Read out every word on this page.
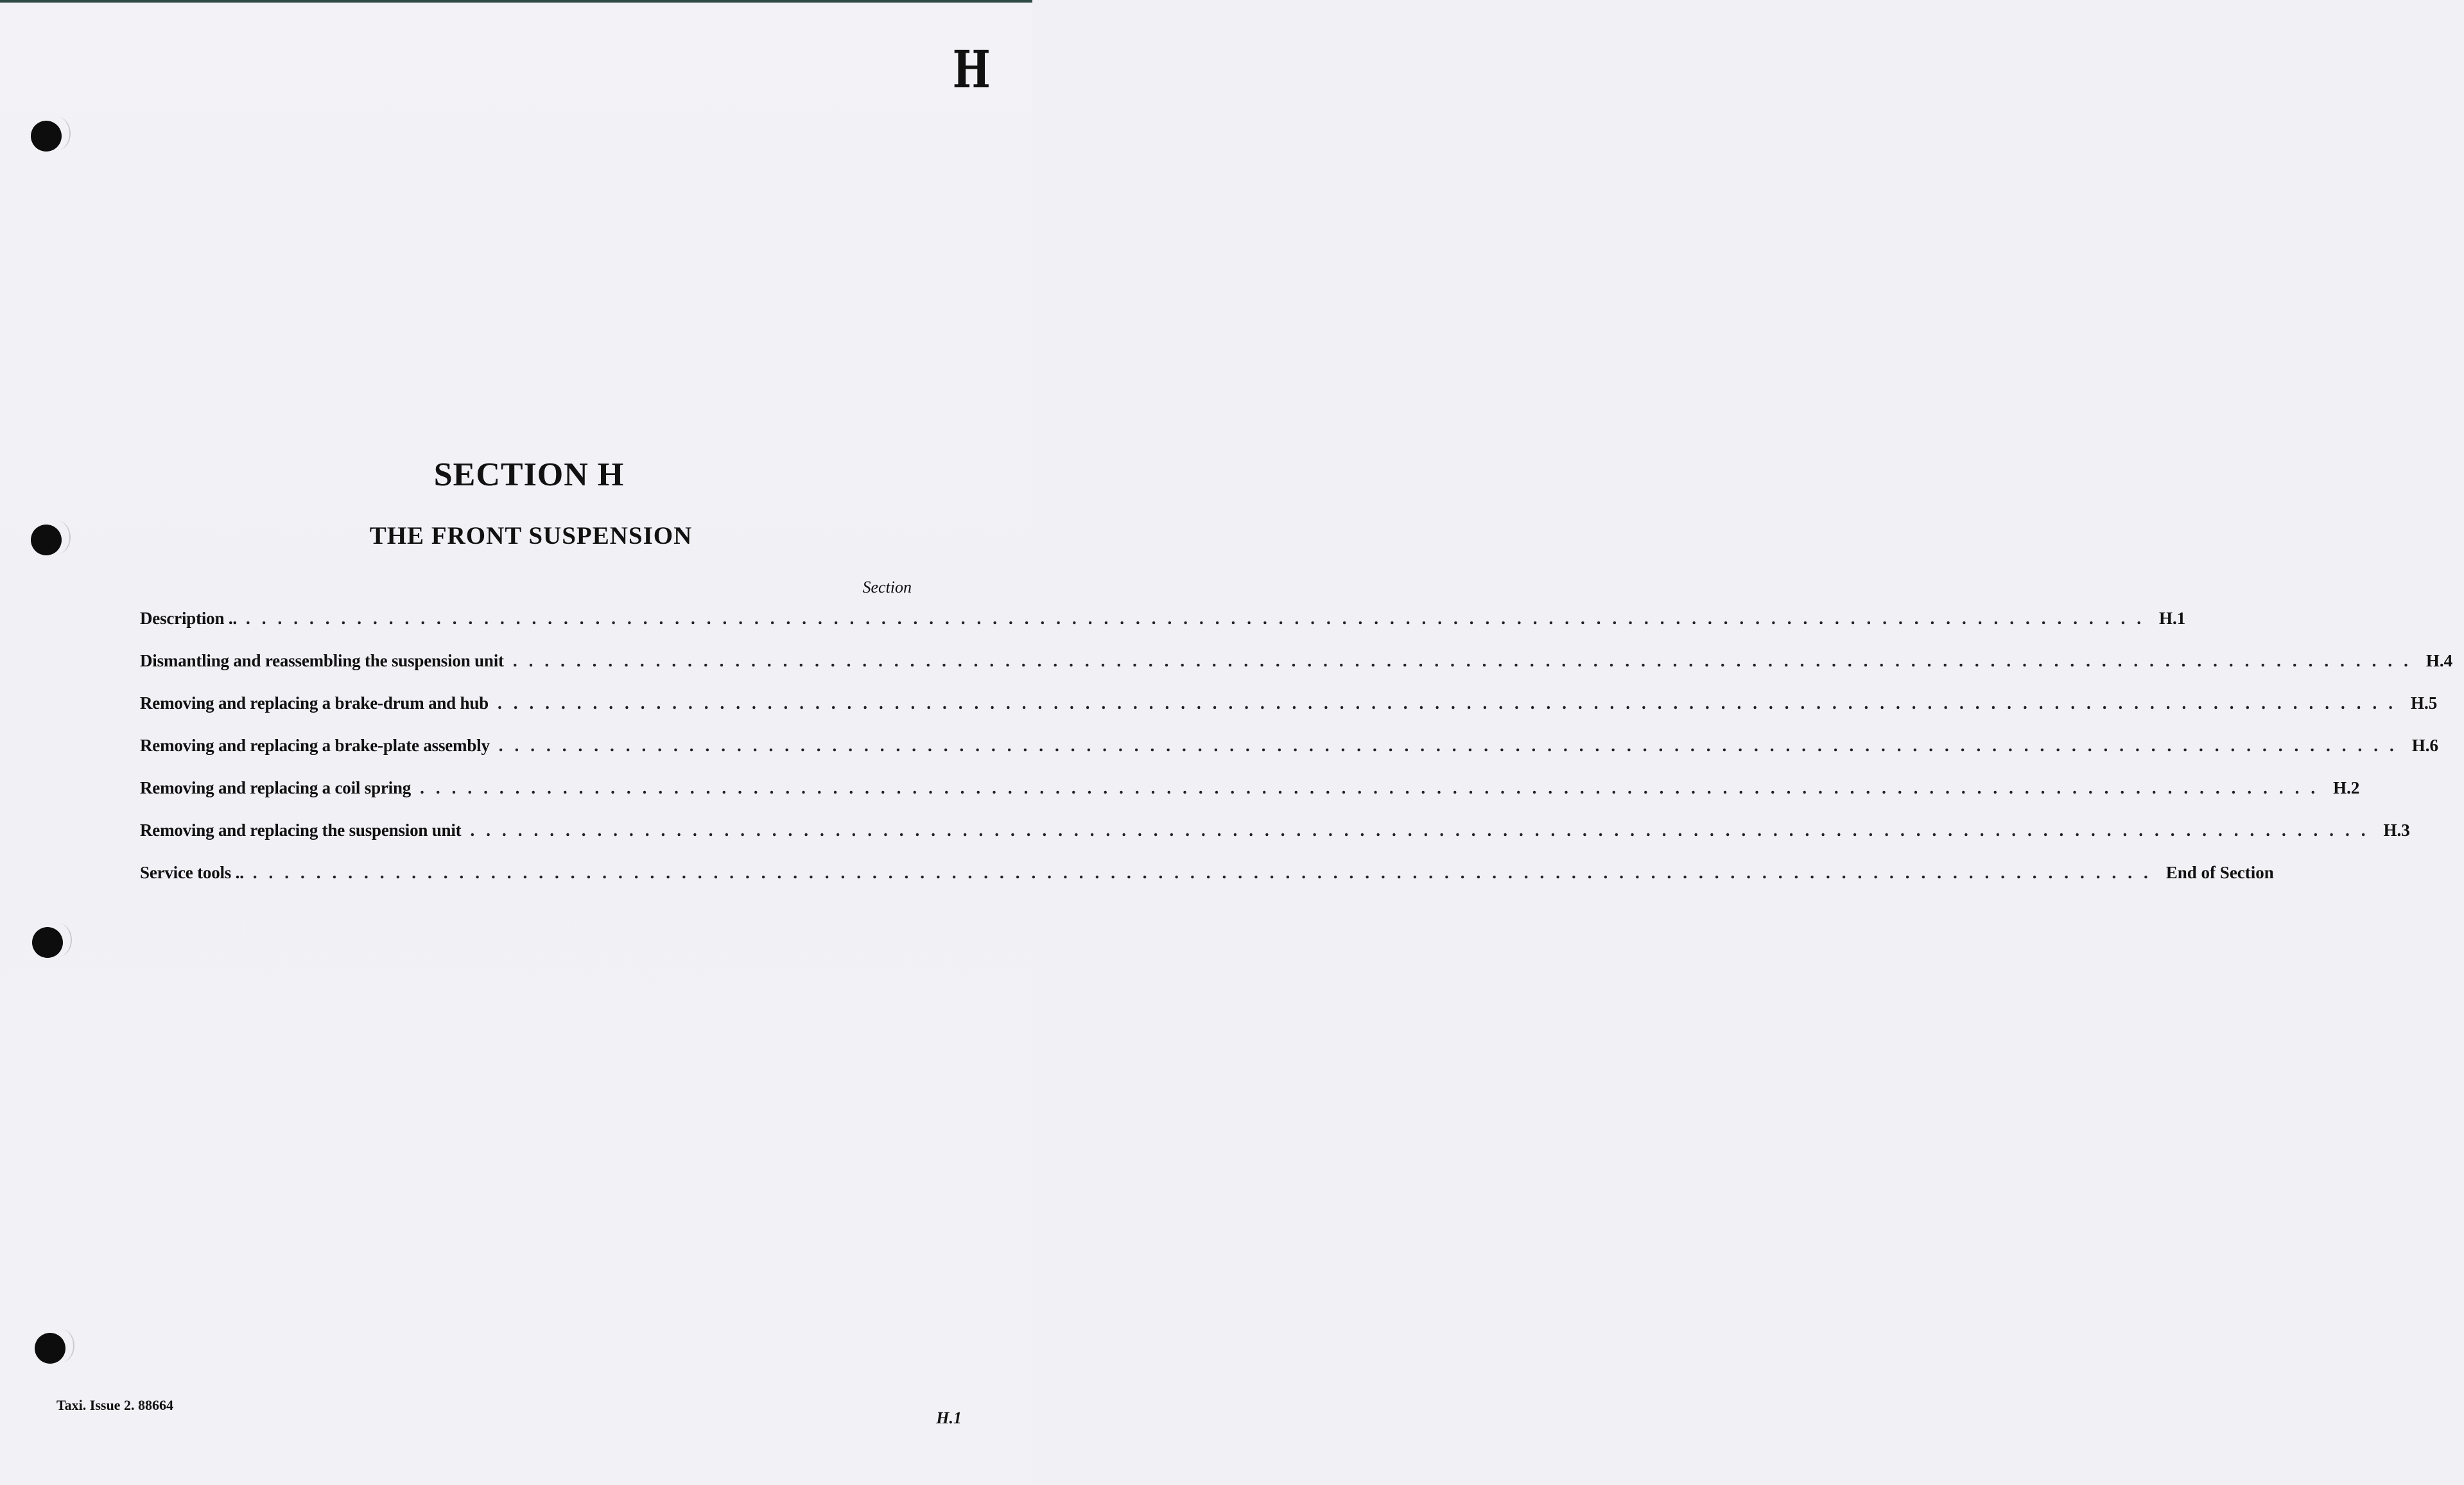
H
SECTION H
THE FRONT SUSPENSION
Section
Description .. ........................................................................................................................ H.1
Dismantling and reassembling the suspension unit ........................................................................................................................ H.4
Removing and replacing a brake-drum and hub ........................................................................................................................ H.5
Removing and replacing a brake-plate assembly ........................................................................................................................ H.6
Removing and replacing a coil spring ........................................................................................................................ H.2
Removing and replacing the suspension unit ........................................................................................................................ H.3
Service tools .. ........................................................................................................................ End of Section
Taxi. Issue 2. 88664
H.1
